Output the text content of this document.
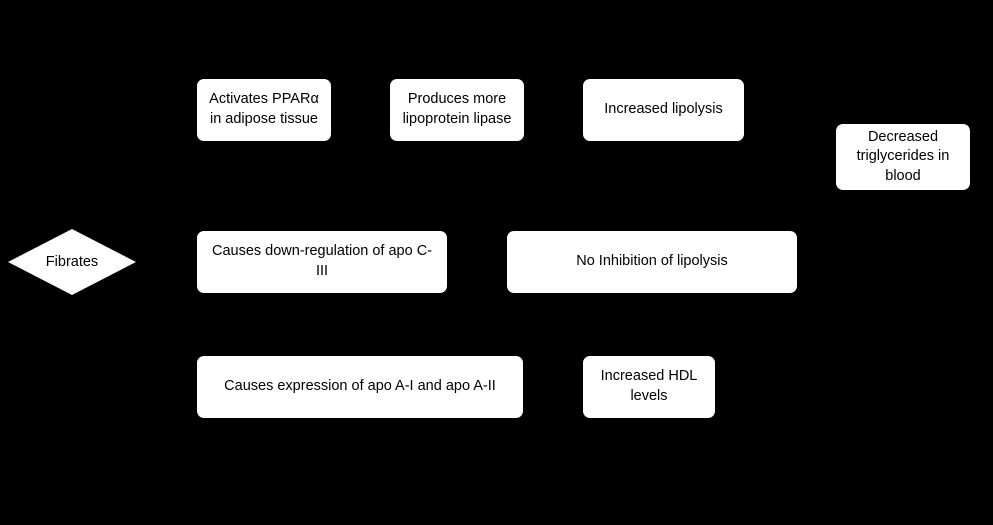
Fibrates
Activates PPARα in adipose tissue
Produces more lipoprotein lipase
Increased lipolysis
Decreased triglycerides in blood
Causes down-regulation of apo C-III
No Inhibition of lipolysis
Causes expression of apo A-I and apo A-II
Increased HDL levels
